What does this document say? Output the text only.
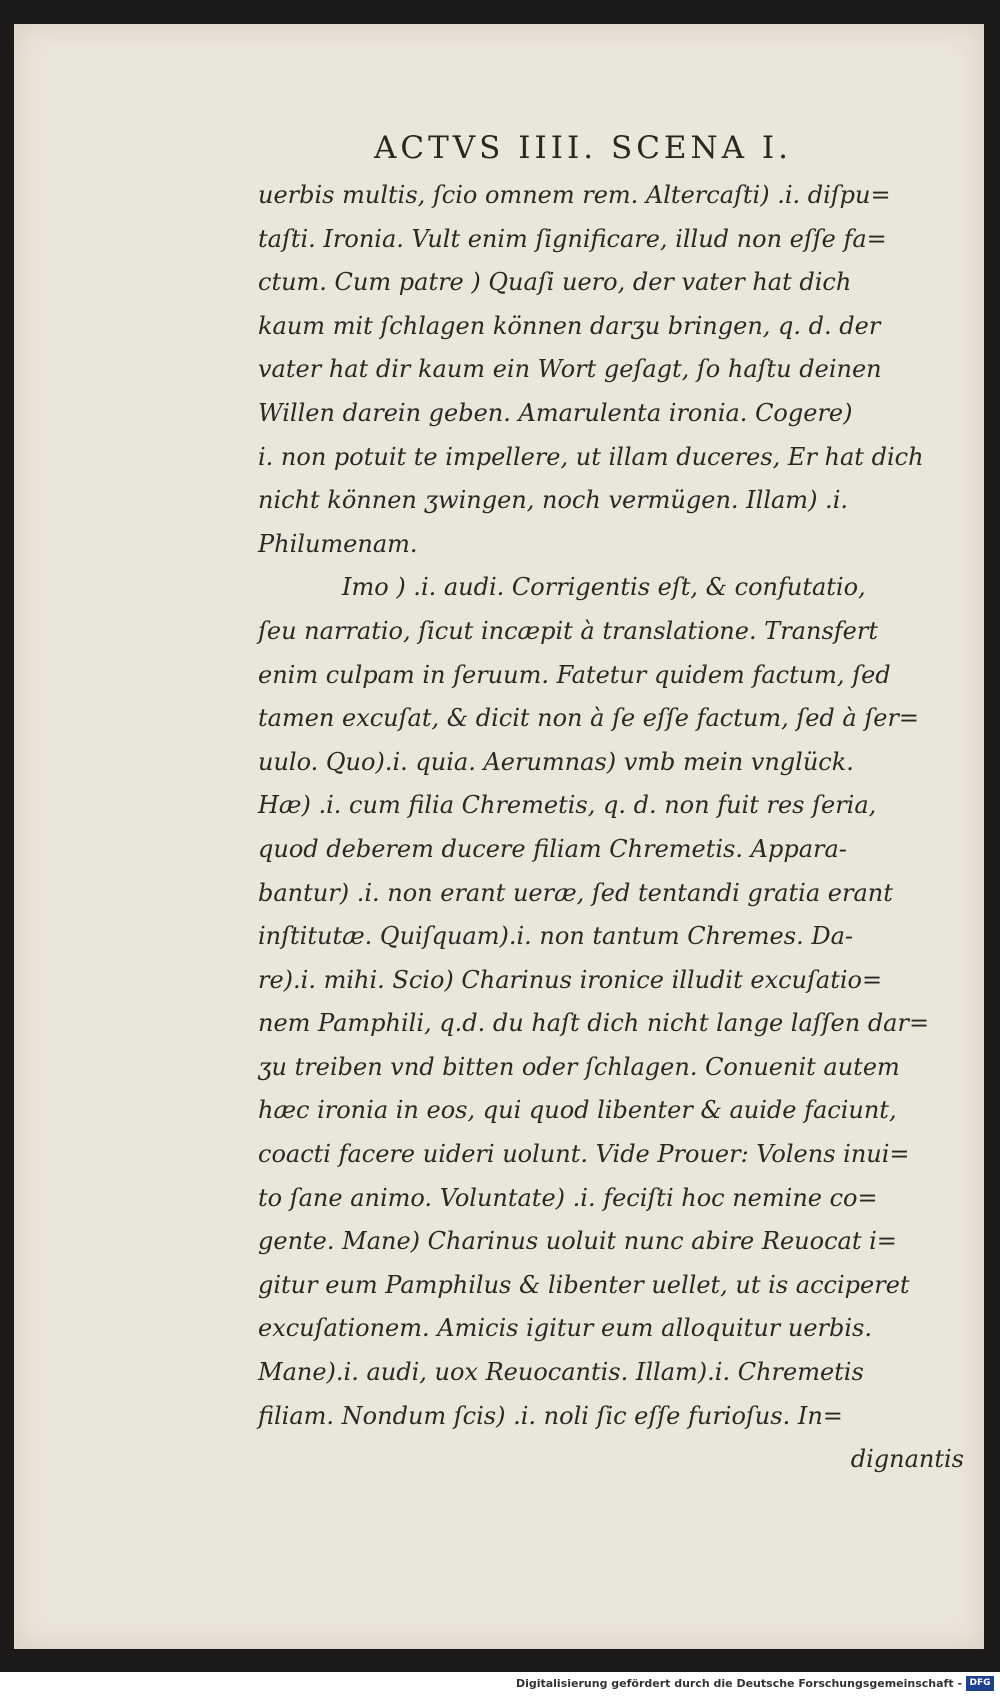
ACTVS IIII. SCENA I.
uerbis multis, ſcio omnem rem. Altercaſti) .i. diſpu=
taſti. Ironia. Vult enim ſignificare, illud non eſſe fa=
ctum. Cum patre ) Quaſi uero, der vater hat dich
kaum mit ſchlagen können darʒu bringen, q. d. der
vater hat dir kaum ein Wort geſagt, ſo haſtu deinen
Willen darein geben. Amarulenta ironia. Cogere)
i. non potuit te impellere, ut illam duceres, Er hat dich
nicht können ʒwingen, noch vermügen. Illam) .i.
Philumenam.
Imo ) .i. audi. Corrigentis eſt, & confutatio,
ſeu narratio, ſicut incæpit à translatione. Transfert
enim culpam in ſeruum. Fatetur quidem factum, ſed
tamen excuſat, & dicit non à ſe eſſe factum, ſed à ſer=
uulo. Quo).i. quia. Aerumnas) vmb mein vnglück.
Hæ) .i. cum filia Chremetis, q. d. non fuit res ſeria,
quod deberem ducere filiam Chremetis. Appara-
bantur) .i. non erant ueræ, ſed tentandi gratia erant
inſtitutæ. Quiſquam).i. non tantum Chremes. Da-
re).i. mihi. Scio) Charinus ironice illudit excuſatio=
nem Pamphili, q.d. du haſt dich nicht lange laſſen dar=
ʒu treiben vnd bitten oder ſchlagen. Conuenit autem
hæc ironia in eos, qui quod libenter & auide faciunt,
coacti facere uideri uolunt. Vide Prouer: Volens inui=
to ſane animo. Voluntate) .i. feciſti hoc nemine co=
gente. Mane) Charinus uoluit nunc abire Reuocat i=
gitur eum Pamphilus & libenter uellet, ut is acciperet
excuſationem. Amicis igitur eum alloquitur uerbis.
Mane).i. audi, uox Reuocantis. Illam).i. Chremetis
filiam. Nondum ſcis) .i. noli ſic eſſe furioſus. In=
dignantis
Digitalisierung gefördert durch die Deutsche Forschungsgemeinschaft - DFG
